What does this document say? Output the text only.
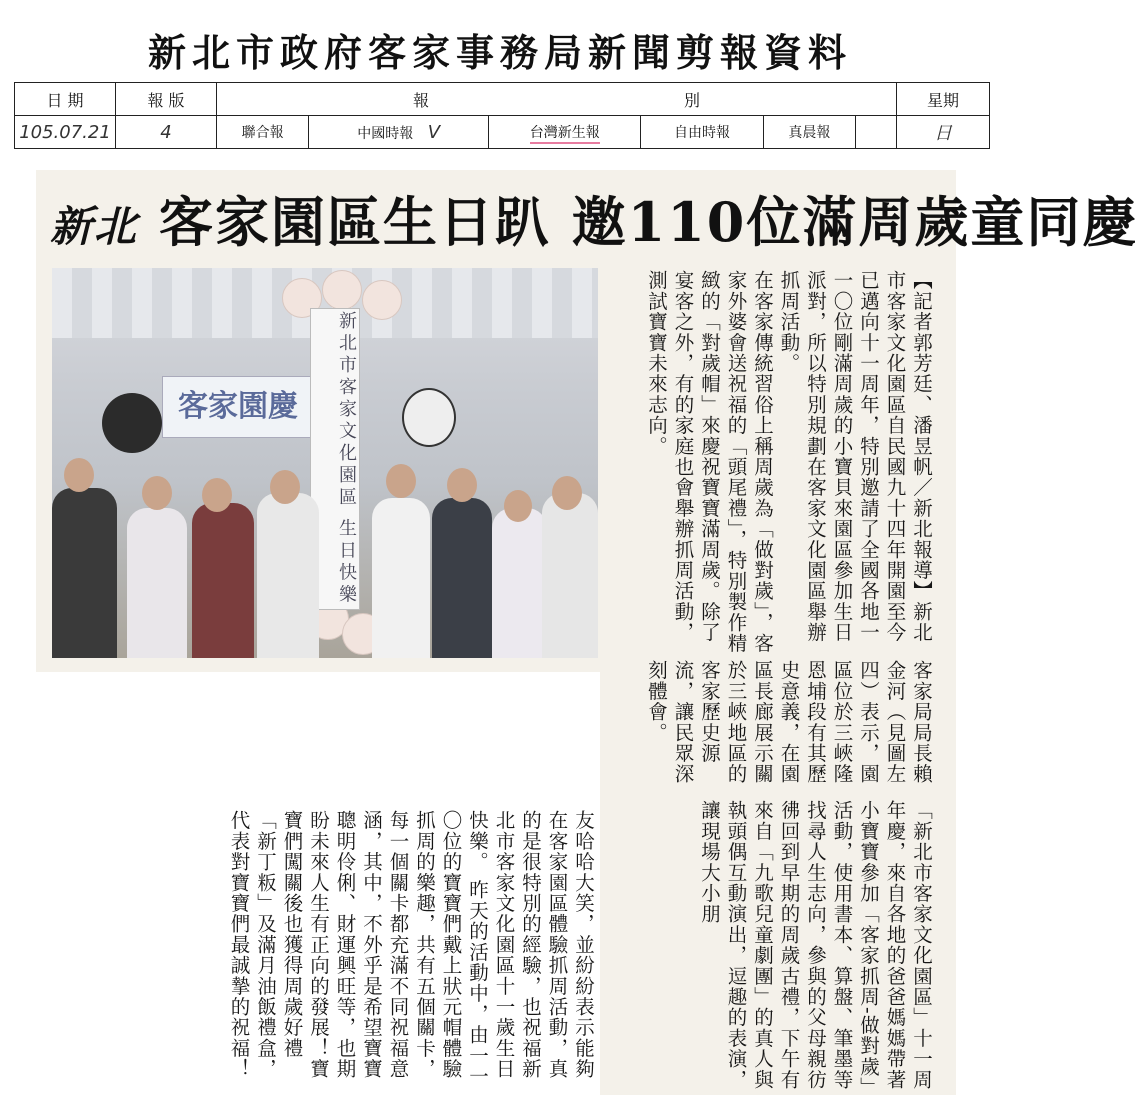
新北市政府客家事務局新聞剪報資料
日 期	報 版	報 別						星期
105.07.21	4	聯合報	中國時報 V	台灣新生報	自由時報	真晨報		日
新北 客家園區生日趴 邀110位滿周歲童同慶
客家園慶	新北市客家文化園區 生日快樂	【記者郭芳廷、潘昱帆／新北報導】新北市客家文化園區自民國九十四年開園至今已邁向十一周年，特別邀請了全國各地一一〇位剛滿周歲的小寶貝來園區參加生日派對，所以特別規劃在客家文化園區舉辦抓周活動。
在客家傳統習俗上稱周歲為「做對歲」，客家外婆會送祝福的「頭尾禮」，特別製作精緻的「對歲帽」來慶祝寶寶滿周歲。除了宴客之外，有的家庭也會舉辦抓周活動，測試寶寶未來志向。
客家局局長賴金河（見圖左四）表示，園區位於三峽隆恩埔段有其歷史意義，在園區長廊展示關於三峽地區的客家歷史源流，讓民眾深刻體會。
「新北市客家文化園區」十一周年慶，來自各地的爸爸媽媽帶著小寶寶參加「客家抓周-做對歲」活動，使用書本、算盤、筆墨等找尋人生志向，參與的父母親彷彿回到早期的周歲古禮，下午有來自「九歌兒童劇團」的真人與執頭偶互動演出，逗趣的表演，讓現場大小朋
友哈哈大笑，並紛紛表示能夠在客家園區體驗抓周活動，真的是很特別的經驗，也祝福新北市客家文化園區十一歲生日快樂。 昨天的活動中，由一一〇位的寶寶們戴上狀元帽體驗抓周的樂趣，共有五個關卡，每一個關卡都充滿不同祝福意涵，其中，不外乎是希望寶寶聰明伶俐、財運興旺等，也期盼未來人生有正向的發展！寶寶們闖關後也獲得周歲好禮「新丁粄」及滿月油飯禮盒，代表對寶寶們最誠摯的祝福！
